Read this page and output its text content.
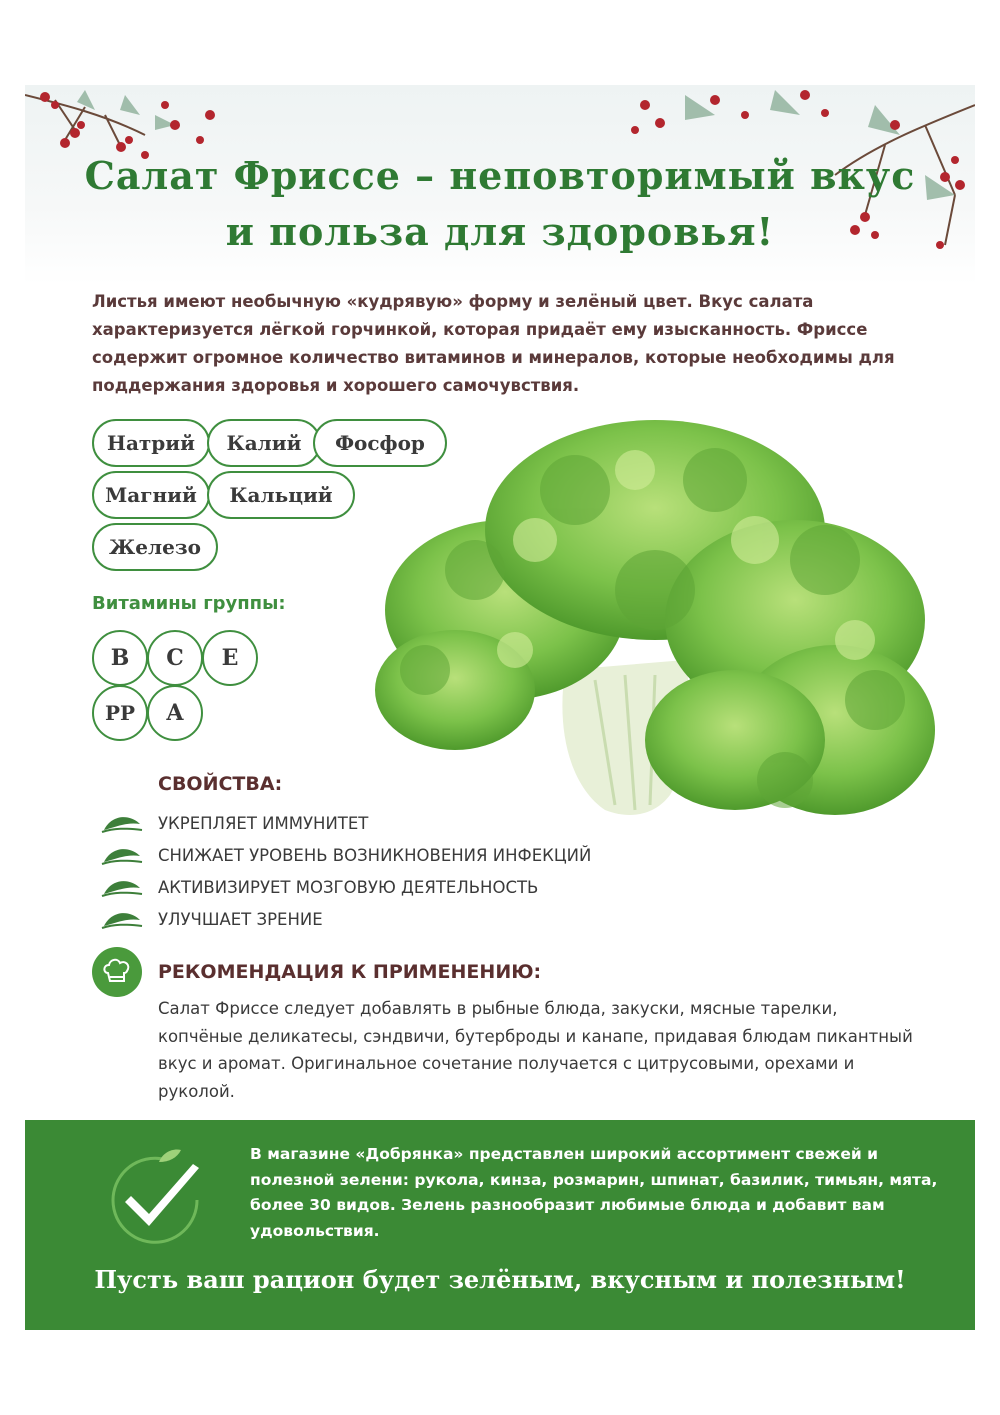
Салат Фриссе – неповторимый вкус
и польза для здоровья!

Листья имеют необычную «кудрявую» форму и зелёный цвет. Вкус салата характеризуется лёгкой горчинкой, которая придаёт ему изысканность. Фриссе содержит огромное количество витаминов и минералов, которые необходимы для поддержания здоровья и хорошего самочувствия.

Натрий	Калий	Фосфор
Магний	Кальций
Железо
Витамины группы:
В	С	Е
РР	А
СВОЙСТВА:
УКРЕПЛЯЕТ ИММУНИТЕТ
СНИЖАЕТ УРОВЕНЬ ВОЗНИКНОВЕНИЯ ИНФЕКЦИЙ
АКТИВИЗИРУЕТ МОЗГОВУЮ ДЕЯТЕЛЬНОСТЬ
УЛУЧШАЕТ ЗРЕНИЕ
РЕКОМЕНДАЦИЯ К ПРИМЕНЕНИЮ:

Салат Фриссе следует добавлять в рыбные блюда, закуски, мясные тарелки, копчёные деликатесы, сэндвичи, бутерброды и канапе, придавая блюдам пикантный вкус и аромат. Оригинальное сочетание получается с цитрусовыми, орехами и руколой.

В магазине «Добрянка» представлен широкий ассортимент свежей и полезной зелени: рукола, кинза, розмарин, шпинат, базилик, тимьян, мята, более 30 видов. Зелень разнообразит любимые блюда и добавит вам удовольствия.

Пусть ваш рацион будет зелёным, вкусным и полезным!
